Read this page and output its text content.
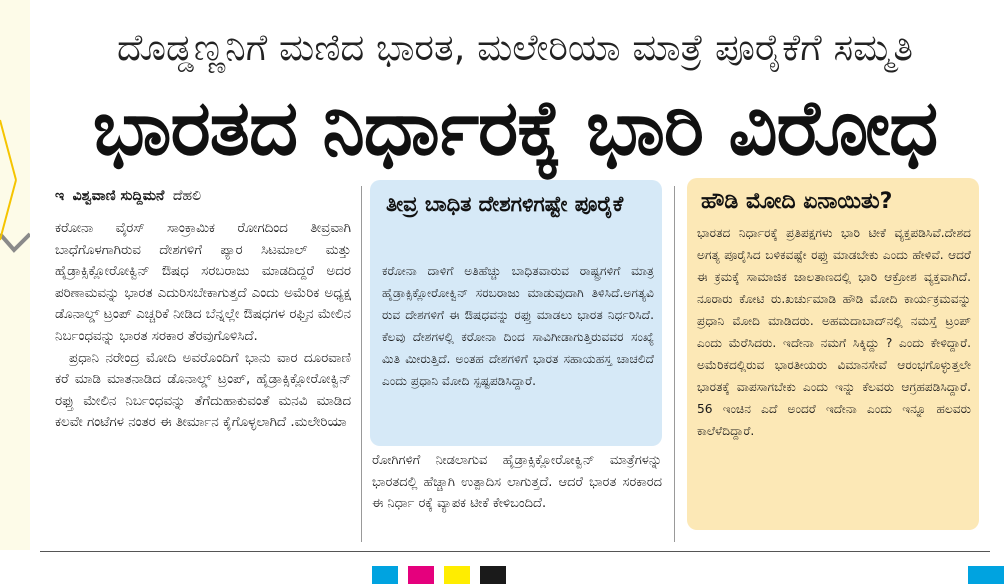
ದೊಡ್ಡಣ್ಣನಿಗೆ ಮಣಿದ ಭಾರತ, ಮಲೇರಿಯಾ ಮಾತ್ರೆ ಪೂರೈಕೆಗೆ ಸಮ್ಮತಿ
ಭಾರತದ ನಿರ್ಧಾರಕ್ಕೆ ಭಾರಿ ವಿರೋಧ
ಇ ವಿಶ್ವವಾಣಿ ಸುದ್ದಿಮನೆ ದೆಹಲಿ

ಕರೋನಾ ವೈರಸ್ ಸಾಂಕ್ರಾಮಿಕ ರೋಗದಿಂದ ತೀವ್ರವಾಗಿ ಬಾಧೆಗೊಳಗಾಗಿರುವ ದೇಶಗಳಿಗೆ ಪ್ಯಾರ ಸಿಟಮಾಲ್ ಮತ್ತು ಹೈಡ್ರಾಕ್ಸಿಕ್ಲೋರೋಕ್ವಿನ್ ಔಷಧ ಸರಬರಾಜು ಮಾಡದಿದ್ದರೆ ಅದರ ಪರಿಣಾಮವನ್ನು ಭಾರತ ಎದುರಿಸಬೇಕಾಗುತ್ತದೆ ಎಂದು ಅಮೆರಿಕ ಅಧ್ಯಕ್ಷ ಡೊನಾಲ್ಡ್ ಟ್ರಂಪ್ ಎಚ್ಚರಿಕೆ ನೀಡಿದ ಬೆನ್ನಲ್ಲೇ ಔಷಧಗಳ ರಫ್ತಿನ ಮೇಲಿನ ನಿರ್ಬಂಧವನ್ನು ಭಾರತ ಸರಕಾರ ತೆರವುಗೊಳಿಸಿದೆ.

ಪ್ರಧಾನಿ ನರೇಂದ್ರ ಮೋದಿ ಅವರೊಂದಿಗೆ ಭಾನು ವಾರ ದೂರವಾಣಿ ಕರೆ ಮಾಡಿ ಮಾತನಾಡಿದ ಡೊನಾಲ್ಡ್ ಟ್ರಂಪ್, ಹೈಡ್ರಾಕ್ಸಿಕ್ಲೋರೋಕ್ವಿನ್ ರಫ್ತು ಮೇಲಿನ ನಿರ್ಬಂಧವನ್ನು ತೆಗೆದುಹಾಕುವಂತೆ ಮನವಿ ಮಾಡಿದ ಕಲವೇ ಗಂಟೆಗಳ ನಂತರ ಈ ತೀರ್ಮಾನ ಕೈಗೊಳ್ಳಲಾಗಿದೆ .ಮಲೇರಿಯಾ

ತೀವ್ರ ಬಾಧಿತ ದೇಶಗಳಿಗಷ್ಟೇ ಪೂರೈಕೆ
ಕರೋನಾ ದಾಳಿಗೆ ಅತಿಹೆಚ್ಚು ಬಾಧಿತವಾರುವ ರಾಷ್ಟ್ರಗಳಿಗೆ ಮಾತ್ರ ಹೈಡ್ರಾಕ್ಸಿಕ್ಲೋರೋಕ್ವಿನ್ ಸರಬರಾಜು ಮಾಡುವುದಾಗಿ ತಿಳಿಸಿದೆ.ಅಗತ್ಯವಿ ರುವ ದೇಶಗಳಿಗೆ ಈ ಔಷಧವನ್ನು ರಫ್ತು ಮಾಡಲು ಭಾರತ ನಿರ್ಧರಿಸಿದೆ. ಕೆಲವು ದೇಶಗಳಲ್ಲಿ ಕರೋನಾ ದಿಂದ ಸಾವಿಗೀಡಾಗುತ್ತಿರುವವರ ಸಂಖ್ಯೆ ಮಿತಿ ಮೀರುತ್ತಿದೆ. ಅಂತಹ ದೇಶಗಳಿಗೆ ಭಾರತ ಸಹಾಯಹಸ್ತ ಚಾಚಲಿದೆ ಎಂದು ಪ್ರಧಾನಿ ಮೋದಿ ಸ್ಪಷ್ಟಪಡಿಸಿದ್ದಾರೆ.

ರೋಗಿಗಳಿಗೆ ನೀಡಲಾಗುವ ಹೈಡ್ರಾಕ್ಸಿಕ್ಲೋರೋಕ್ವಿನ್ ಮಾತ್ರೆಗಳನ್ನು ಭಾರತದಲ್ಲಿ ಹೆಚ್ಚಾಗಿ ಉತ್ಪಾದಿಸ ಲಾಗುತ್ತದೆ. ಆದರೆ ಭಾರತ ಸರಕಾರದ ಈ ನಿರ್ಧಾ ರಕ್ಕೆ ವ್ಯಾಪಕ ಟೀಕೆ ಕೇಳಿಬಂದಿದೆ.

ಹೌಡಿ ಮೋದಿ ಏನಾಯಿತು?
ಭಾರತದ ನಿರ್ಧಾರಕ್ಕೆ ಪ್ರತಿಪಕ್ಷಗಳು ಭಾರಿ ಟೀಕೆ ವ್ಯಕ್ತಪಡಿಸಿವೆ.ದೇಶದ ಅಗತ್ಯ ಪೂರೈಸಿದ ಬಳಿಕವಷ್ಟೇ ರಫ್ತು ಮಾಡಬೇಕು ಎಂದು ಹೇಳಿವೆ. ಆದರೆ ಈ ಕ್ರಮಕ್ಕೆ ಸಾಮಾಜಿಕ ಜಾಲತಾಣದಲ್ಲಿ ಭಾರಿ ಆಕ್ರೋಶ ವ್ಯಕ್ತವಾಗಿದೆ. ನೂರಾರು ಕೋಟಿ ರು.ಖರ್ಚುಮಾಡಿ ಹೌಡಿ ಮೋದಿ ಕಾರ್ಯಕ್ರಮವನ್ನು ಪ್ರಧಾನಿ ಮೋದಿ ಮಾಡಿದರು. ಅಹಮದಾಬಾದ್‌ನಲ್ಲಿ ನಮಸ್ತೆ ಟ್ರಂಪ್ ಎಂದು ಮೆರೆಸಿದರು. ಇದೇನಾ ನಮಗೆ ಸಿಕ್ಕಿದ್ದು ? ಎಂದು ಕೇಳಿದ್ದಾರೆ. ಅಮೆರಿಕದಲ್ಲಿರುವ ಭಾರತೀಯರು ವಿಮಾನಸೇವೆ ಆರಂಭಗೊಳ್ಳುತ್ತಲೇ ಭಾರತಕ್ಕೆ ವಾಪಸಾಗಬೇಕು ಎಂದು ಇನ್ನು ಕೆಲವರು ಆಗ್ರಹಪಡಿಸಿದ್ದಾರೆ. 56 ಇಂಚಿನ ಎದೆ ಅಂದರೆ ಇದೇನಾ ಎಂದು ಇನ್ನೂ ಹಲವರು ಕಾಲೆಳೆದಿದ್ದಾರೆ.
